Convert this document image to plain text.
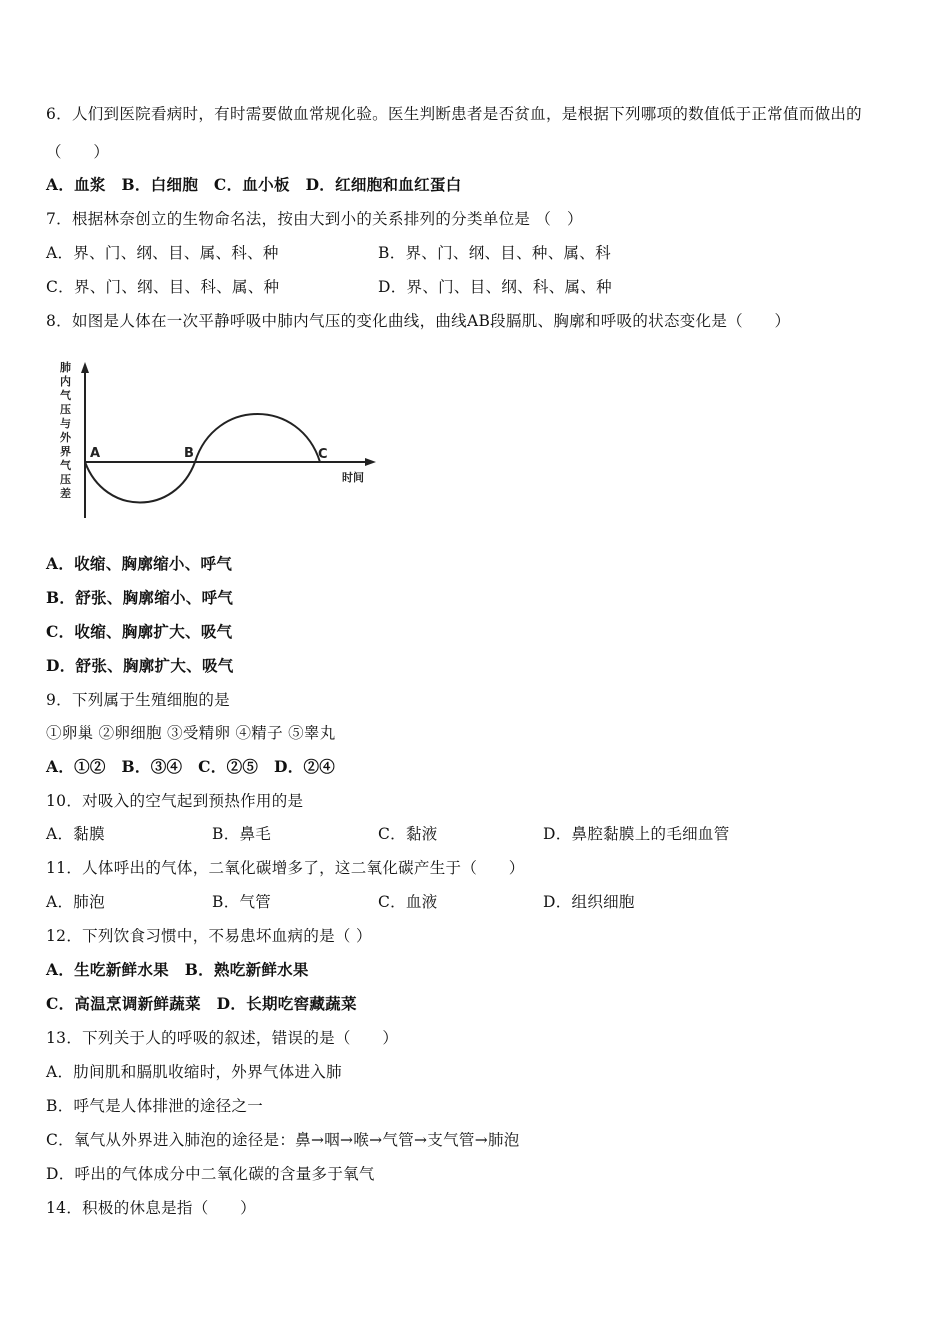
6．人们到医院看病时，有时需要做血常规化验。医生判断患者是否贫血，是根据下列哪项的数值低于正常值而做出的
（　　）
A．血浆　B．白细胞　C．血小板　D．红细胞和血红蛋白
7．根据林奈创立的生物命名法，按由大到小的关系排列的分类单位是 （　）
A．界、门、纲、目、属、科、种	B．界、门、纲、目、种、属、科
C．界、门、纲、目、科、属、种	D．界、门、目、纲、科、属、种
8．如图是人体在一次平静呼吸中肺内气压的变化曲线，曲线AB段膈肌、胸廓和呼吸的状态变化是（　　）
肺
内
气
压
与
外
界
气
压
差
A	B	C
时间
A．收缩、胸廓缩小、呼气
B．舒张、胸廓缩小、呼气
C．收缩、胸廓扩大、吸气
D．舒张、胸廓扩大、吸气
9．下列属于生殖细胞的是
①卵巢 ②卵细胞 ③受精卵 ④精子 ⑤睾丸
A．①②　B．③④　C．②⑤　D．②④
10．对吸入的空气起到预热作用的是
A．黏膜	B．鼻毛	C．黏液	D．鼻腔黏膜上的毛细血管
11．人体呼出的气体，二氧化碳增多了，这二氧化碳产生于（　　）
A．肺泡	B．气管	C．血液	D．组织细胞
12．下列饮食习惯中，不易患坏血病的是（ ）
A．生吃新鲜水果　B．熟吃新鲜水果
C．高温烹调新鲜蔬菜　D．长期吃窖藏蔬菜
13．下列关于人的呼吸的叙述，错误的是（　　）
A．肋间肌和膈肌收缩时，外界气体进入肺
B．呼气是人体排泄的途径之一
C．氧气从外界进入肺泡的途径是：鼻→咽→喉→气管→支气管→肺泡
D．呼出的气体成分中二氧化碳的含量多于氧气
14．积极的休息是指（　　）
